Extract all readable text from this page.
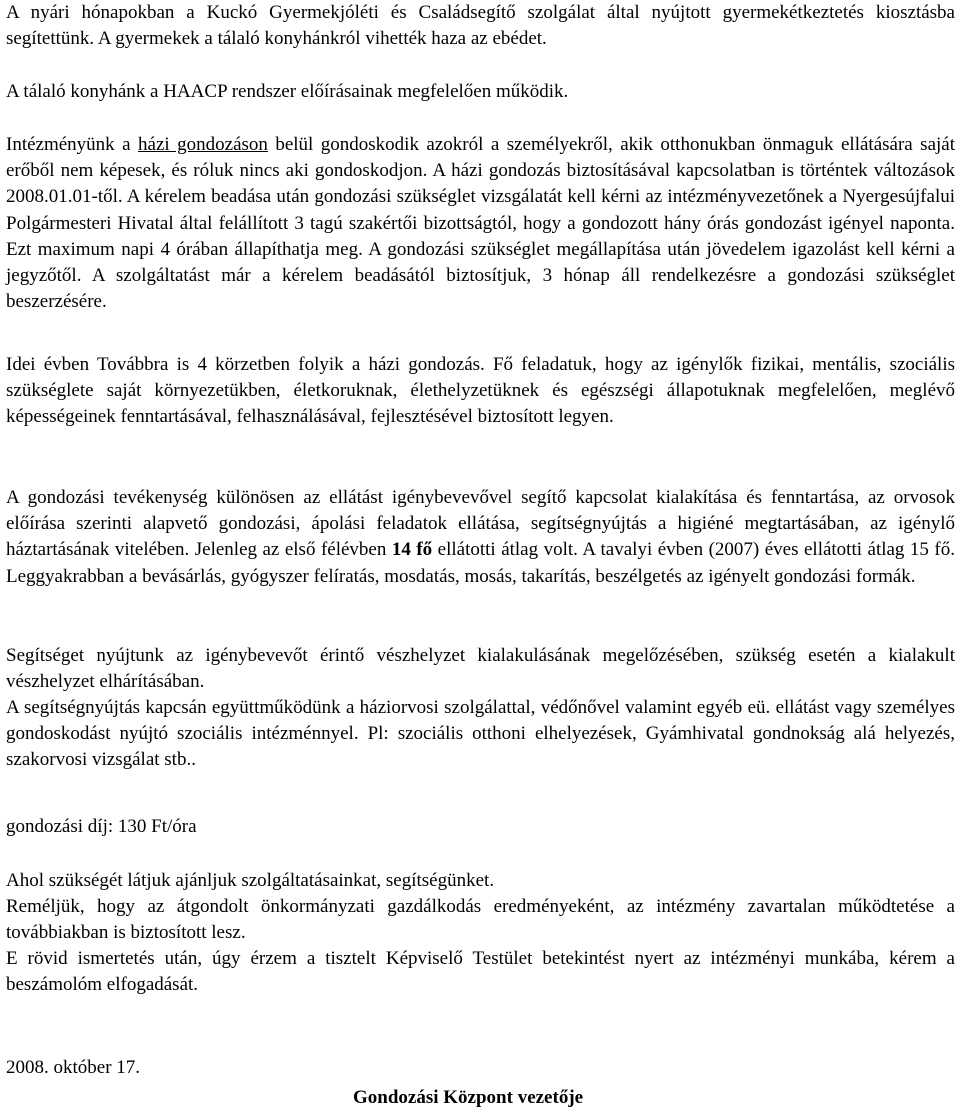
A nyári hónapokban a Kuckó Gyermekjóléti és Családsegítő szolgálat által nyújtott gyermekétkeztetés kiosztásba segítettünk. A gyermekek a tálaló konyhánkról vihették haza az ebédet.

A tálaló konyhánk a HAACP rendszer előírásainak megfelelően működik.

Intézményünk a házi gondozáson belül gondoskodik azokról a személyekről, akik otthonukban önmaguk ellátására saját erőből nem képesek, és róluk nincs aki gondoskodjon. A házi gondozás biztosításával kapcsolatban is történtek változások 2008.01.01-től. A kérelem beadása után gondozási szükséglet vizsgálatát kell kérni az intézményvezetőnek a Nyergesújfalui Polgármesteri Hivatal által felállított 3 tagú szakértői bizottságtól, hogy a gondozott hány órás gondozást igényel naponta. Ezt maximum napi 4 órában állapíthatja meg. A gondozási szükséglet megállapítása után jövedelem igazolást kell kérni a jegyzőtől. A szolgáltatást már a kérelem beadásától biztosítjuk, 3 hónap áll rendelkezésre a gondozási szükséglet beszerzésére.

Idei évben Továbbra is 4 körzetben folyik a házi gondozás. Fő feladatuk, hogy az igénylők fizikai, mentális, szociális szükséglete saját környezetükben, életkoruknak, élethelyzetüknek és egészségi állapotuknak megfelelően, meglévő képességeinek fenntartásával, felhasználásával, fejlesztésével biztosított legyen.

A gondozási tevékenység különösen az ellátást igénybevevővel segítő kapcsolat kialakítása és fenntartása, az orvosok előírása szerinti alapvető gondozási, ápolási feladatok ellátása, segítségnyújtás a higiéné megtartásában, az igénylő háztartásának vitelében. Jelenleg az első félévben 14 fő ellátotti átlag volt. A tavalyi évben (2007) éves ellátotti átlag 15 fő. Leggyakrabban a bevásárlás, gyógyszer felíratás, mosdatás, mosás, takarítás, beszélgetés az igényelt gondozási formák.

Segítséget nyújtunk az igénybevevőt érintő vészhelyzet kialakulásának megelőzésében, szükség esetén a kialakult vészhelyzet elhárításában.

A segítségnyújtás kapcsán együttműködünk a háziorvosi szolgálattal, védőnővel valamint egyéb eü. ellátást vagy személyes gondoskodást nyújtó szociális intézménnyel. Pl: szociális otthoni elhelyezések, Gyámhivatal gondnokság alá helyezés, szakorvosi vizsgálat stb..

gondozási díj: 130 Ft/óra

Ahol szükségét látjuk ajánljuk szolgáltatásainkat, segítségünket.

Reméljük, hogy az átgondolt önkormányzati gazdálkodás eredményeként, az intézmény zavartalan működtetése a továbbiakban is biztosított lesz.

E rövid ismertetés után, úgy érzem a tisztelt Képviselő Testület betekintést nyert az intézményi munkába, kérem a beszámolóm elfogadását.

2008. október 17.

Gondozási Központ vezetője
